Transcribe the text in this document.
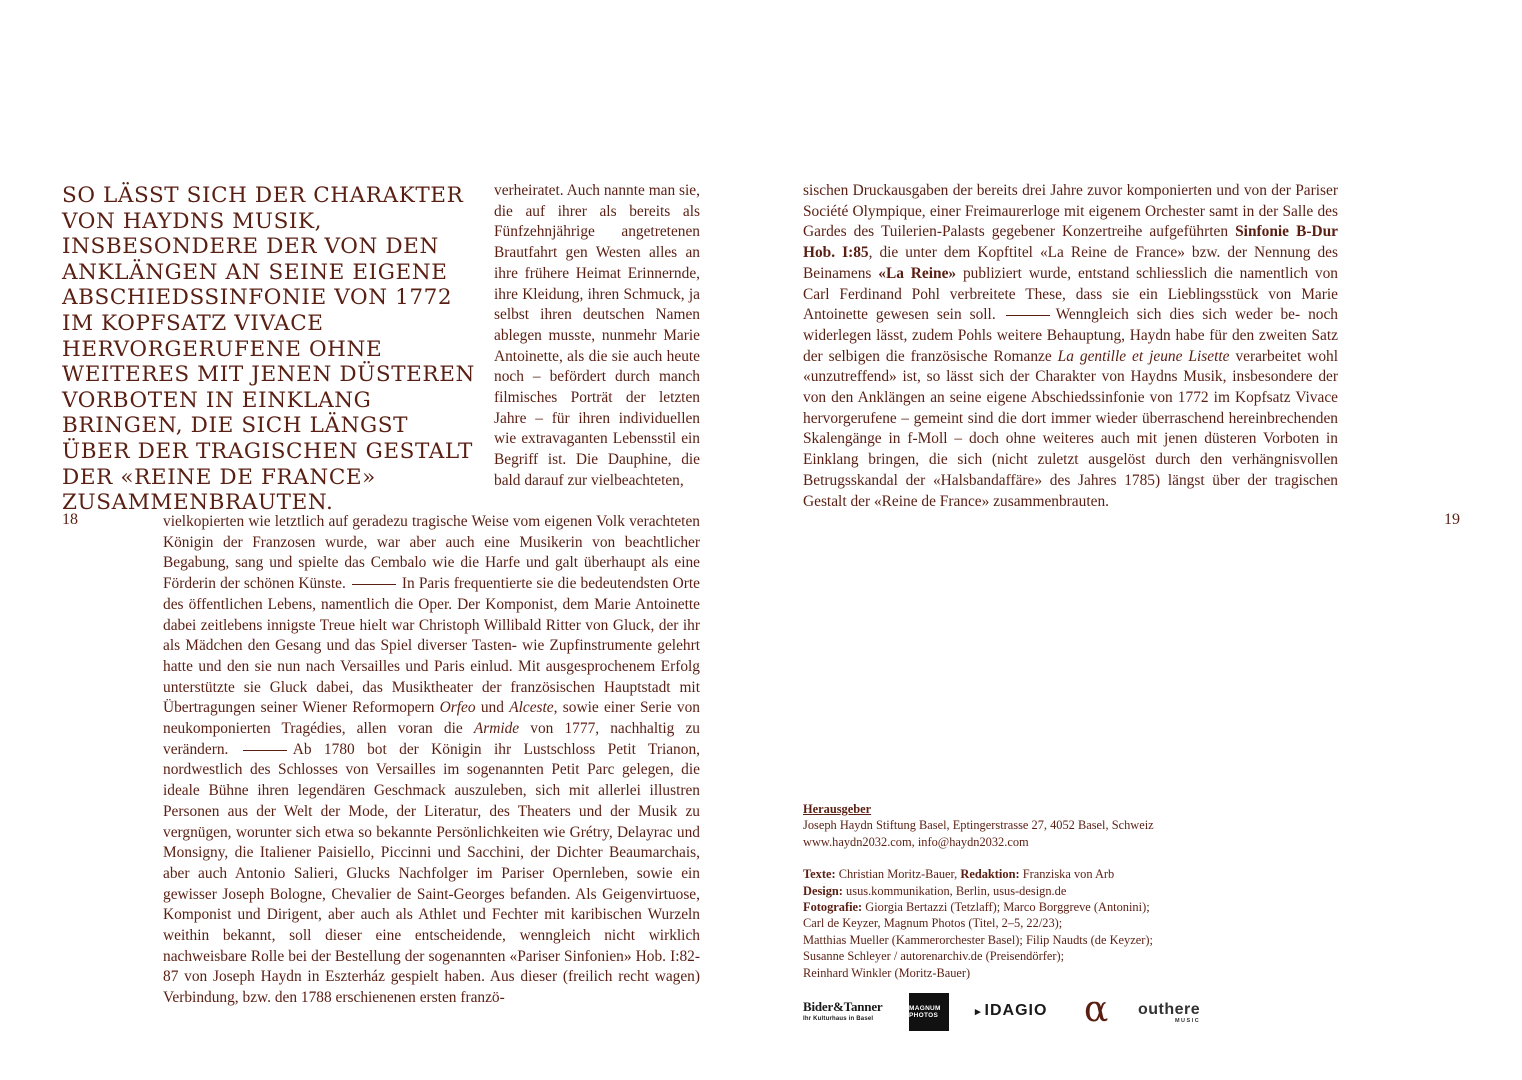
SO LÄSST SICH DER CHARAKTER VON HAYDNS MUSIK, INSBESONDERE DER VON DEN ANKLÄNGEN AN SEINE EIGENE ABSCHIEDSSINFONIE VON 1772 IM KOPFSATZ VIVACE HERVORGERUFENE OHNE WEITERES MIT JENEN DÜSTEREN VORBOTEN IN EINKLANG BRINGEN, DIE SICH LÄNGST ÜBER DER TRAGISCHEN GESTALT DER «REINE DE FRANCE» ZUSAMMENBRAUTEN.

verheiratet. Auch nannte man sie, die auf ihrer als bereits als Fünfzehnjährige angetretenen Brautfahrt gen Westen alles an ihre frühere Heimat Erinnernde, ihre Kleidung, ihren Schmuck, ja selbst ihren deutschen Namen ablegen musste, nunmehr Marie Antoinette, als die sie auch heute noch – befördert durch manch filmisches Porträt der letzten Jahre – für ihren individuellen wie extravaganten Lebensstil ein Begriff ist. Die Dauphine, die bald darauf zur vielbeachteten,

18	vielkopierten wie letztlich auf geradezu tragische Weise vom eigenen Volk verachteten Königin der Franzosen wurde, war aber auch eine Musikerin von beachtlicher Begabung, sang und spielte das Cembalo wie die Harfe und galt überhaupt als eine Förderin der schönen Künste.	In Paris frequentierte sie die bedeutendsten Orte des öffentlichen Lebens, namentlich die Oper. Der Komponist, dem Marie Antoinette dabei zeitlebens innigste Treue hielt war Christoph Willibald Ritter von Gluck, der ihr als Mädchen den Gesang und das Spiel diverser Tasten- wie Zupfinstrumente gelehrt hatte und den sie nun nach Versailles und Paris einlud. Mit ausgesprochenem Erfolg unterstützte sie Gluck dabei, das Musiktheater der französischen Hauptstadt mit Übertragungen seiner Wiener Reformopern Orfeo und Alceste, sowie einer Serie von neukomponierten Tragédies, allen voran die Armide von 1777, nachhaltig zu verändern.	Ab 1780 bot der Königin ihr Lustschloss Petit Trianon, nordwestlich des Schlosses von Versailles im sogenannten Petit Parc gelegen, die ideale Bühne ihren legendären Geschmack auszuleben, sich mit allerlei illustren Personen aus der Welt der Mode, der Literatur, des Theaters und der Musik zu vergnügen, worunter sich etwa so bekannte Persönlichkeiten wie Grétry, Delayrac und Monsigny, die Italiener Paisiello, Piccinni und Sacchini, der Dichter Beaumarchais, aber auch Antonio Salieri, Glucks Nachfolger im Pariser Opernleben, sowie ein gewisser Joseph Bologne, Chevalier de Saint-Georges befanden. Als Geigenvirtuose, Komponist und Dirigent, aber auch als Athlet und Fechter mit karibischen Wurzeln weithin bekannt, soll dieser eine entscheidende, wenngleich nicht wirklich nachweisbare Rolle bei der Bestellung der sogenannten «Pariser Sinfonien» Hob. I:82-87 von Joseph Haydn in Eszterház gespielt haben. Aus dieser (freilich recht wagen) Verbindung, bzw. den 1788 erschienenen ersten franzö-
sischen Druckausgaben der bereits drei Jahre zuvor komponierten und von der Pariser Société Olympique, einer Freimaurerloge mit eigenem Orchester samt in der Salle des Gardes des Tuilerien-Palasts gegebener Konzertreihe aufgeführten Sinfonie B-Dur Hob. I:85, die unter dem Kopftitel «La Reine de France» bzw. der Nennung des Beinamens «La Reine» publiziert wurde, entstand schliesslich die namentlich von Carl Ferdinand Pohl verbreitete These, dass sie ein Lieblingsstück von Marie Antoinette gewesen sein soll.	Wenngleich sich dies sich weder be- noch widerlegen lässt, zudem Pohls weitere Behauptung, Haydn habe für den zweiten Satz der selbigen die französische Romanze La gentille et jeune Lisette verarbeitet wohl «unzutreffend» ist, so lässt sich der Charakter von Haydns Musik, insbesondere der von den Anklängen an seine eigene Abschiedssinfonie von 1772 im Kopfsatz Vivace hervorgerufene – gemeint sind die dort immer wieder überraschend hereinbrechenden Skalengänge in f-Moll – doch ohne weiteres auch mit jenen düsteren Vorboten in Einklang bringen, die sich (nicht zuletzt ausgelöst durch den verhängnisvollen Betrugsskandal der «Halsbandaffäre» des Jahres 1785) längst über der tragischen Gestalt der «Reine de France» zusammenbrauten.

19

Herausgeber
Joseph Haydn Stiftung Basel, Eptingerstrasse 27, 4052 Basel, Schweiz
www.haydn2032.com, info@haydn2032.com
Texte: Christian Moritz-Bauer, Redaktion: Franziska von Arb
Design: usus.kommunikation, Berlin, usus-design.de
Fotografie: Giorgia Bertazzi (Tetzlaff); Marco Borggreve (Antonini);
Carl de Keyzer, Magnum Photos (Titel, 2–5, 22/23);
Matthias Mueller (Kammerorchester Basel); Filip Naudts (de Keyzer);
Susanne Schleyer / autorenarchiv.de (Preisendörfer);
Reinhard Winkler (Moritz-Bauer)
Bider&Tanner
Ihr Kulturhaus in Basel
MAGNUM PHOTOS	▸ IDAGIO α outhere
MUSIC
